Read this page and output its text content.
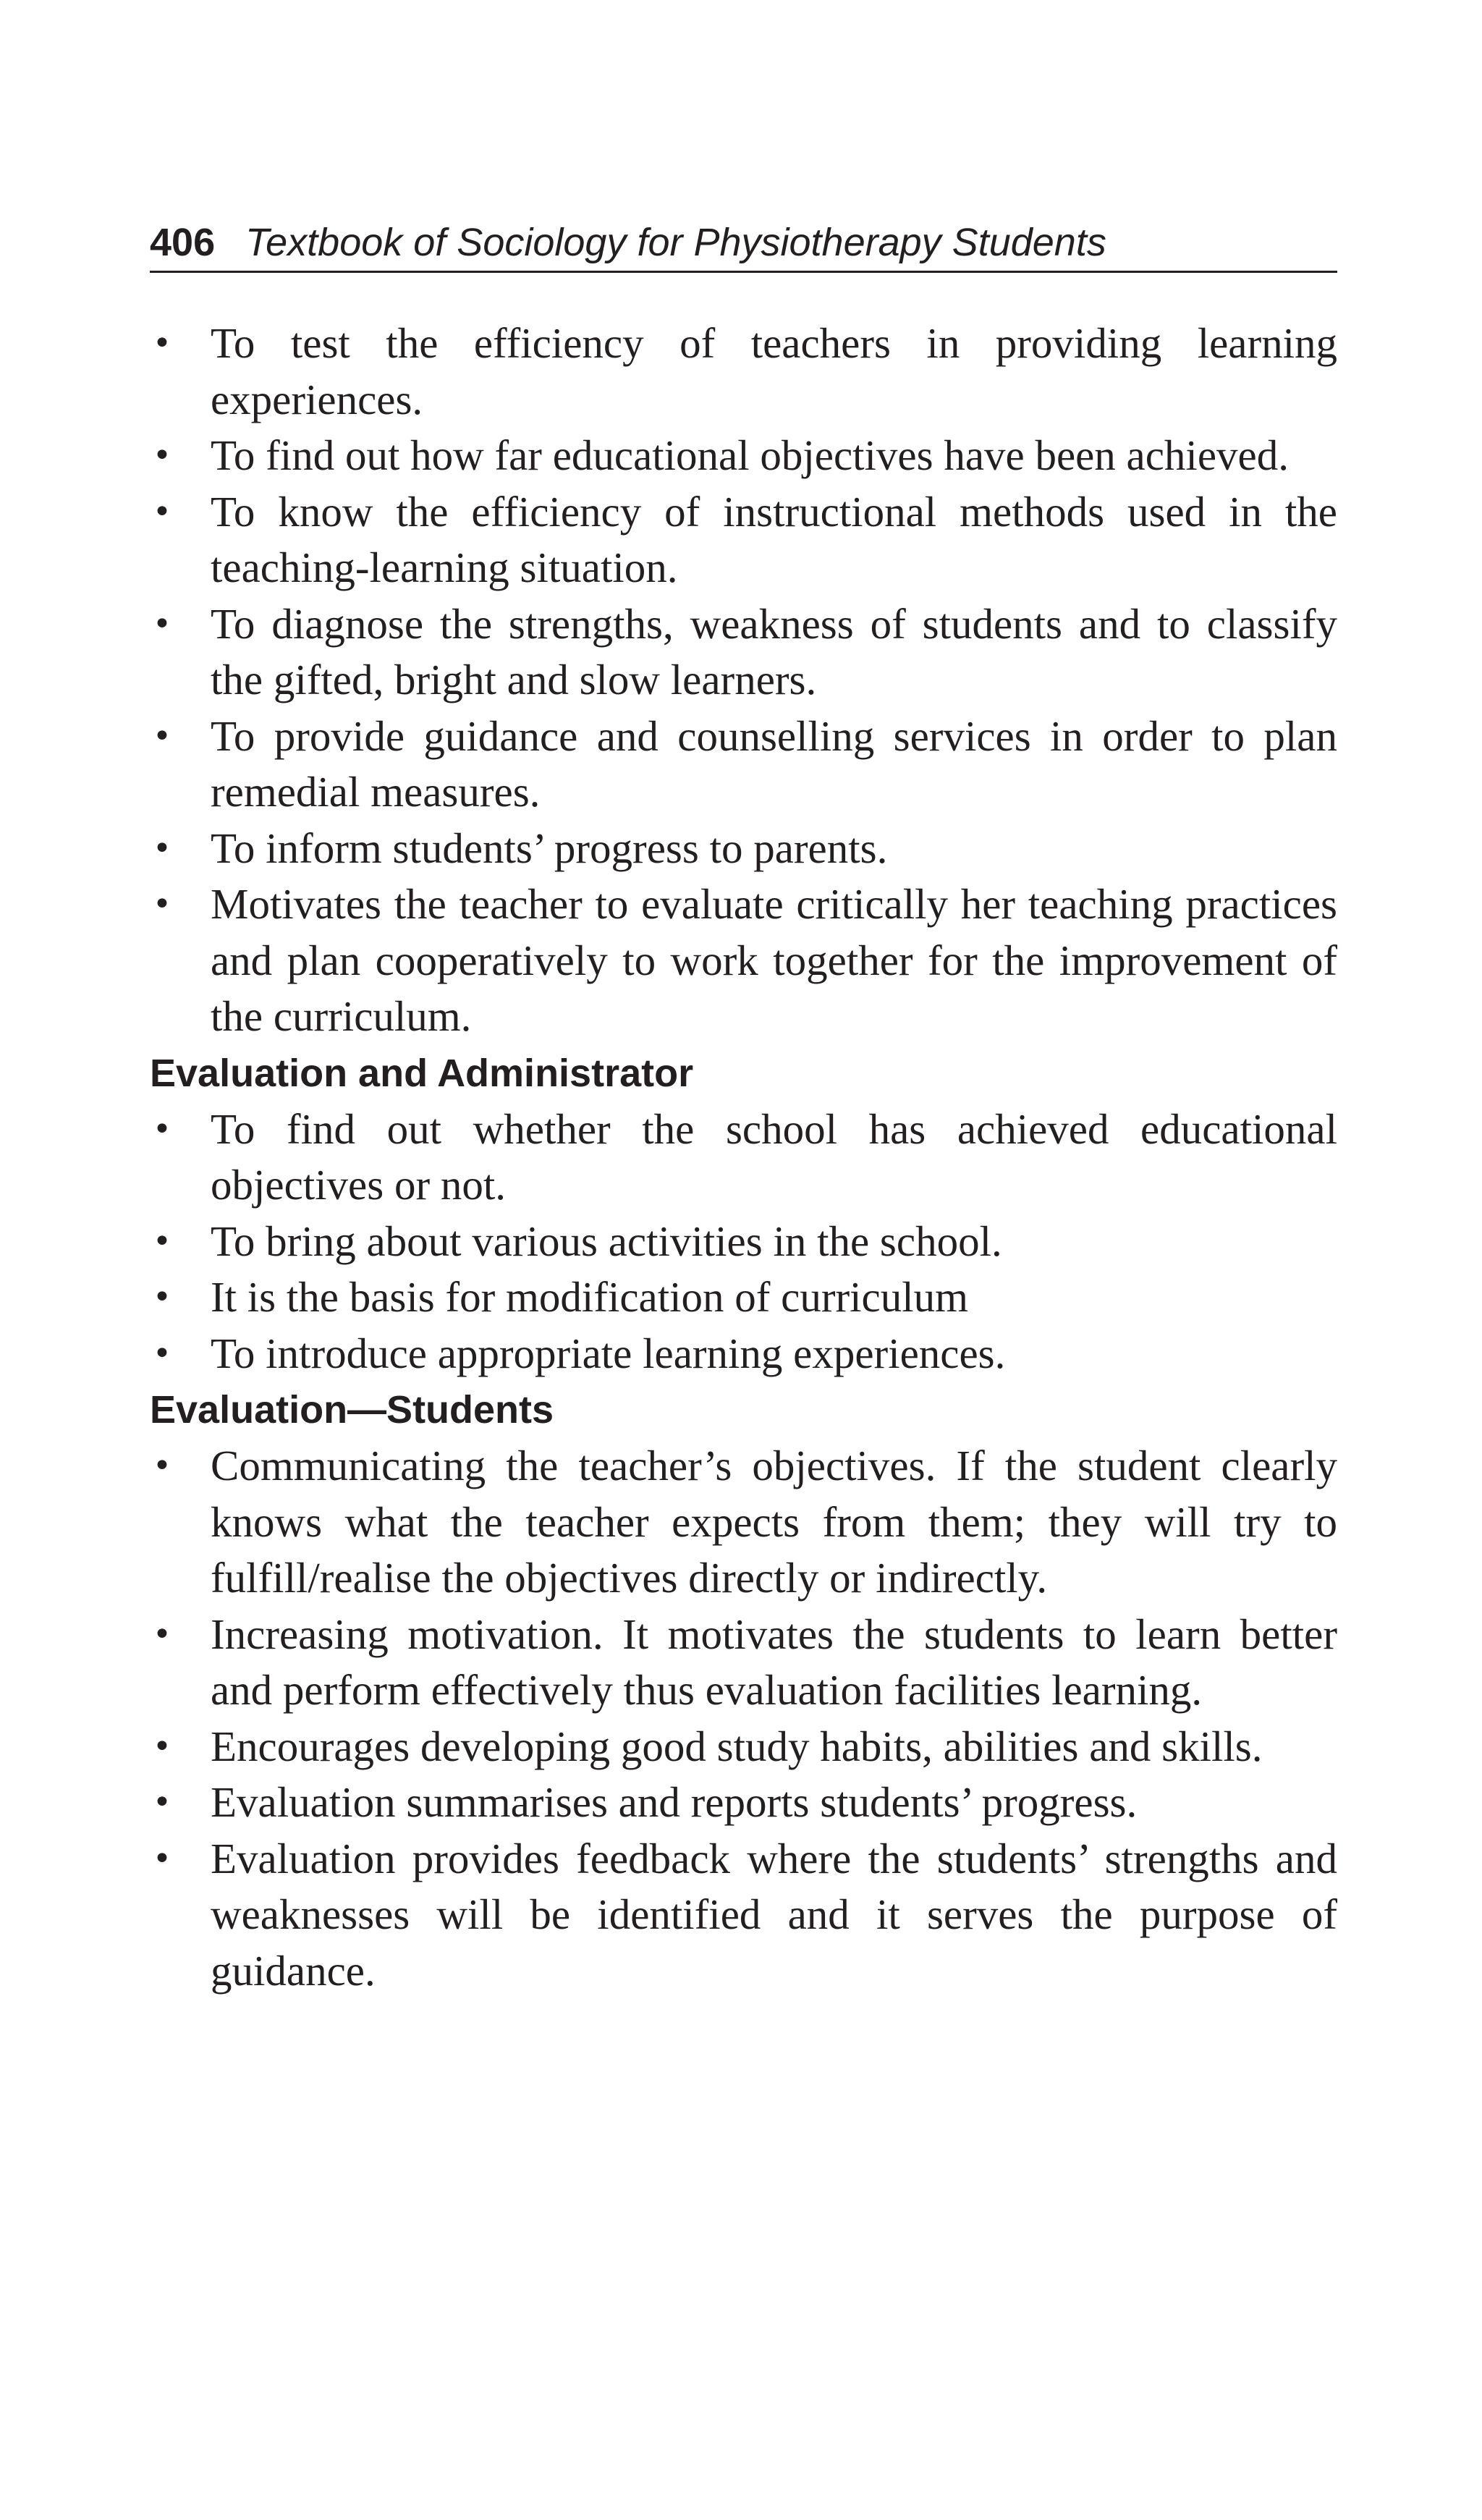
406 Textbook of Sociology for Physiotherapy Students
• To test the efficiency of teachers in providing learning experiences.
• To find out how far educational objectives have been achieved.
• To know the efficiency of instructional methods used in the teaching-learning situation.
• To diagnose the strengths, weakness of students and to classify the gifted, bright and slow learners.
• To provide guidance and counselling services in order to plan remedial measures.
• To inform students’ progress to parents.
• Motivates the teacher to evaluate critically her teaching practices and plan cooperatively to work together for the improvement of the curriculum.
Evaluation and Administrator
• To find out whether the school has achieved educational objectives or not.
• To bring about various activities in the school.
• It is the basis for modification of curriculum
• To introduce appropriate learning experiences.
Evaluation—Students
• Communicating the teacher’s objectives. If the student clearly knows what the teacher expects from them; they will try to fulfill/realise the objectives directly or indirectly.
• Increasing motivation. It motivates the students to learn better and perform effectively thus evaluation facilities learning.
• Encourages developing good study habits, abilities and skills.
• Evaluation summarises and reports students’ progress.
• Evaluation provides feedback where the students’ strengths and weaknesses will be identified and it serves the purpose of guidance.
